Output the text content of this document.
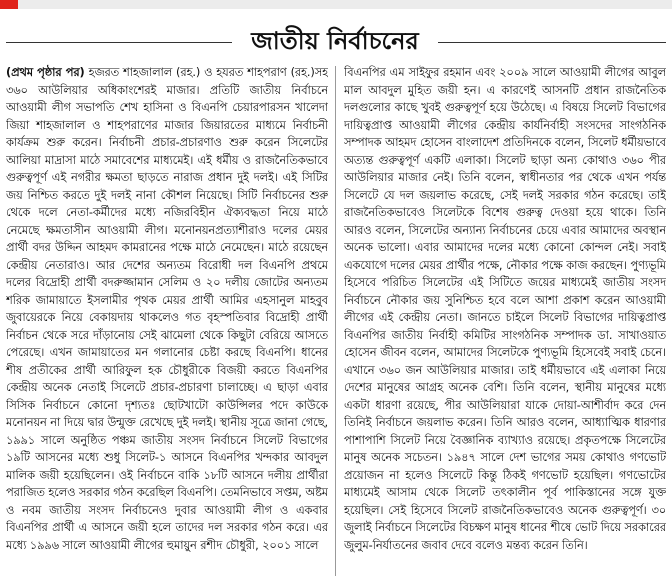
জাতীয় নির্বাচনের

(প্রথম পৃষ্ঠার পর) হজরত শাহজালাল (রহ.) ও হযরত শাহপরাণ (রহ.)সহ ৩৬০ আউলিয়ার অধিকাংশেরই মাজার। প্রতিটি জাতীয় নির্বাচনে আওয়ামী লীগ সভাপতি শেখ হাসিনা ও বিএনপি চেয়ারপারসন খালেদা জিয়া শাহজালাল ও শাহপরাণের মাজার জিয়ারতের মাধ্যমে নির্বাচনী কার্যক্রম শুরু করেন। নির্বাচনী প্রচার-প্রচারণাও শুরু করেন সিলেটের আলিয়া মাদ্রাসা মাঠে সমাবেশের মাধ্যমেই। এই ধর্মীয় ও রাজনৈতিকভাবে গুরুত্বপূর্ণ এই নগরীর ক্ষমতা ছাড়তে নারাজ প্রধান দুই দলই। এই সিটির জয় নিশ্চিত করতে দুই দলই নানা কৌশল নিয়েছে। সিটি নির্বাচনের শুরু থেকে দলে নেতা-কর্মীদের মধ্যে নজিরবিহীন ঐক্যবদ্ধতা নিয়ে মাঠে নেমেছে ক্ষমতাসীন আওয়ামী লীগ। মনোনয়নপ্রত্যাশীরাও দলের মেয়র প্রার্থী বদর উদ্দিন আহমদ কামরানের পক্ষে মাঠে নেমেছেন। মাঠে রয়েছেন কেন্দ্রীয় নেতারাও। আর দেশের অন্যতম বিরোধী দল বিএনপি প্রথমে দলের বিদ্রোহী প্রার্থী বদরুজ্জামান সেলিম ও ২০ দলীয় জোটের অন্যতম শরিক জামায়াতে ইসলামীর পৃথক মেয়র প্রার্থী আমির এহসানুল মাহবুব জুবায়েরকে নিয়ে বেকায়দায় থাকলেও গত বৃহস্পতিবার বিদ্রোহী প্রার্থী নির্বাচন থেকে সরে দাঁড়ানোয় সেই ঝামেলা থেকে কিছুটা বেরিয়ে আসতে পেরেছে। এখন জামায়াতের মন গলানোর চেষ্টা করছে বিএনপি। ধানের শীষ প্রতীকের প্রার্থী আরিফুল হক চৌধুরীকে বিজয়ী করতে বিএনপির কেন্দ্রীয় অনেক নেতাই সিলেটে প্রচার-প্রচারণা চালাচ্ছে। এ ছাড়া এবার সিসিক নির্বাচনে কোনো দৃশ্যতঃ ছোটখাটো কাউন্সিলর পদে কাউকে মনোনয়ন না দিয়ে দ্বার উন্মুক্ত রেখেছে দুই দলই। স্থানীয় সূত্রে জানা গেছে, ১৯৯১ সালে অনুষ্ঠিত পঞ্চম জাতীয় সংসদ নির্বাচনে সিলেট বিভাগের ১৯টি আসনের মধ্যে শুধু সিলেট-১ আসনে বিএনপির খন্দকার আবদুল মালিক জয়ী হয়েছিলেন। ওই নির্বাচনে বাকি ১৮টি আসনে দলীয় প্রার্থীরা পরাজিত হলেও সরকার গঠন করেছিল বিএনপি। তেমনিভাবে সপ্তম, অষ্টম ও নবম জাতীয় সংসদ নির্বাচনেও দুবার আওয়ামী লীগ ও একবার বিএনপির প্রার্থী এ আসনে জয়ী হলে তাদের দল সরকার গঠন করে। এর মধ্যে ১৯৯৬ সালে আওয়ামী লীগের হুমায়ুন রশীদ চৌধুরী, ২০০১ সালে

বিএনপির এম সাইফুর রহমান এবং ২০০৯ সালে আওয়ামী লীগের আবুল মাল আবদুল মুহিত জয়ী হন। এ কারণেই আসনটি প্রধান রাজনৈতিক দলগুলোর কাছে খুবই গুরুত্বপূর্ণ হয়ে উঠেছে। এ বিষয়ে সিলেট বিভাগের দায়িত্বপ্রাপ্ত আওয়ামী লীগের কেন্দ্রীয় কার্যনির্বাহী সংসদের সাংগঠনিক সম্পাদক আহমদ হোসেন বাংলাদেশ প্রতিদিনকে বলেন, সিলেট ধর্মীয়ভাবে অত্যন্ত গুরুত্বপূর্ণ একটি এলাকা। সিলেট ছাড়া অন্য কোথাও ৩৬০ পীর আউলিয়ার মাজার নেই। তিনি বলেন, স্বাধীনতার পর থেকে এখন পর্যন্ত সিলেটে যে দল জয়লাভ করেছে, সেই দলই সরকার গঠন করেছে। তাই রাজনৈতিকভাবেও সিলেটকে বিশেষ গুরুত্ব দেওয়া হয়ে থাকে। তিনি আরও বলেন, সিলেটের অন্যান্য নির্বাচনের চেয়ে এবার আমাদের অবস্থান অনেক ভালো। এবার আমাদের দলের মধ্যে কোনো কোন্দল নেই। সবাই একযোগে দলের মেয়র প্রার্থীর পক্ষে, নৌকার পক্ষে কাজ করছেন। পুণ্যভূমি হিসেবে পরিচিত সিলেটের এই সিটিতে জয়ের মাধ্যমেই জাতীয় সংসদ নির্বাচনে নৌকার জয় সুনিশ্চিত হবে বলে আশা প্রকাশ করেন আওয়ামী লীগের এই কেন্দ্রীয় নেতা। জানতে চাইলে সিলেট বিভাগের দায়িত্বপ্রাপ্ত বিএনপির জাতীয় নির্বাহী কমিটির সাংগঠনিক সম্পাদক ডা. সাখাওয়াত হোসেন জীবন বলেন, আমাদের সিলেটকে পুণ্যভূমি হিসেবেই সবাই চেনে। এখানে ৩৬০ জন আউলিয়ার মাজার। তাই ধর্মীয়ভাবে এই এলাকা নিয়ে দেশের মানুষের আগ্রহ অনেক বেশি। তিনি বলেন, স্থানীয় মানুষের মধ্যে একটা ধারণা রয়েছে, পীর আউলিয়ারা যাকে দোয়া-আশীর্বাদ করে দেন তিনিই নির্বাচনে জয়লাভ করেন। তিনি আরও বলেন, আধ্যাত্মিক ধারণার পাশাপাশি সিলেট নিয়ে বৈজ্ঞানিক ব্যাখ্যাও রয়েছে। প্রকৃতপক্ষে সিলেটের মানুষ অনেক সচেতন। ১৯৪৭ সালে দেশ ভাগের সময় কোথাও গণভোট প্রয়োজন না হলেও সিলেটে কিন্তু ঠিকই গণভোট হয়েছিল। গণভোটের মাধ্যমেই আসাম থেকে সিলেট তৎকালীন পূর্ব পাকিস্তানের সঙ্গে যুক্ত হয়েছিল। সেই হিসেবে সিলেট রাজনৈতিকভাবেও অনেক গুরুত্বপূর্ণ। ৩০ জুলাই নির্বাচনে সিলেটের বিচক্ষণ মানুষ ধানের শীষে ভোট দিয়ে সরকারের জুলুম-নির্যাতনের জবাব দেবে বলেও মন্তব্য করেন তিনি।
